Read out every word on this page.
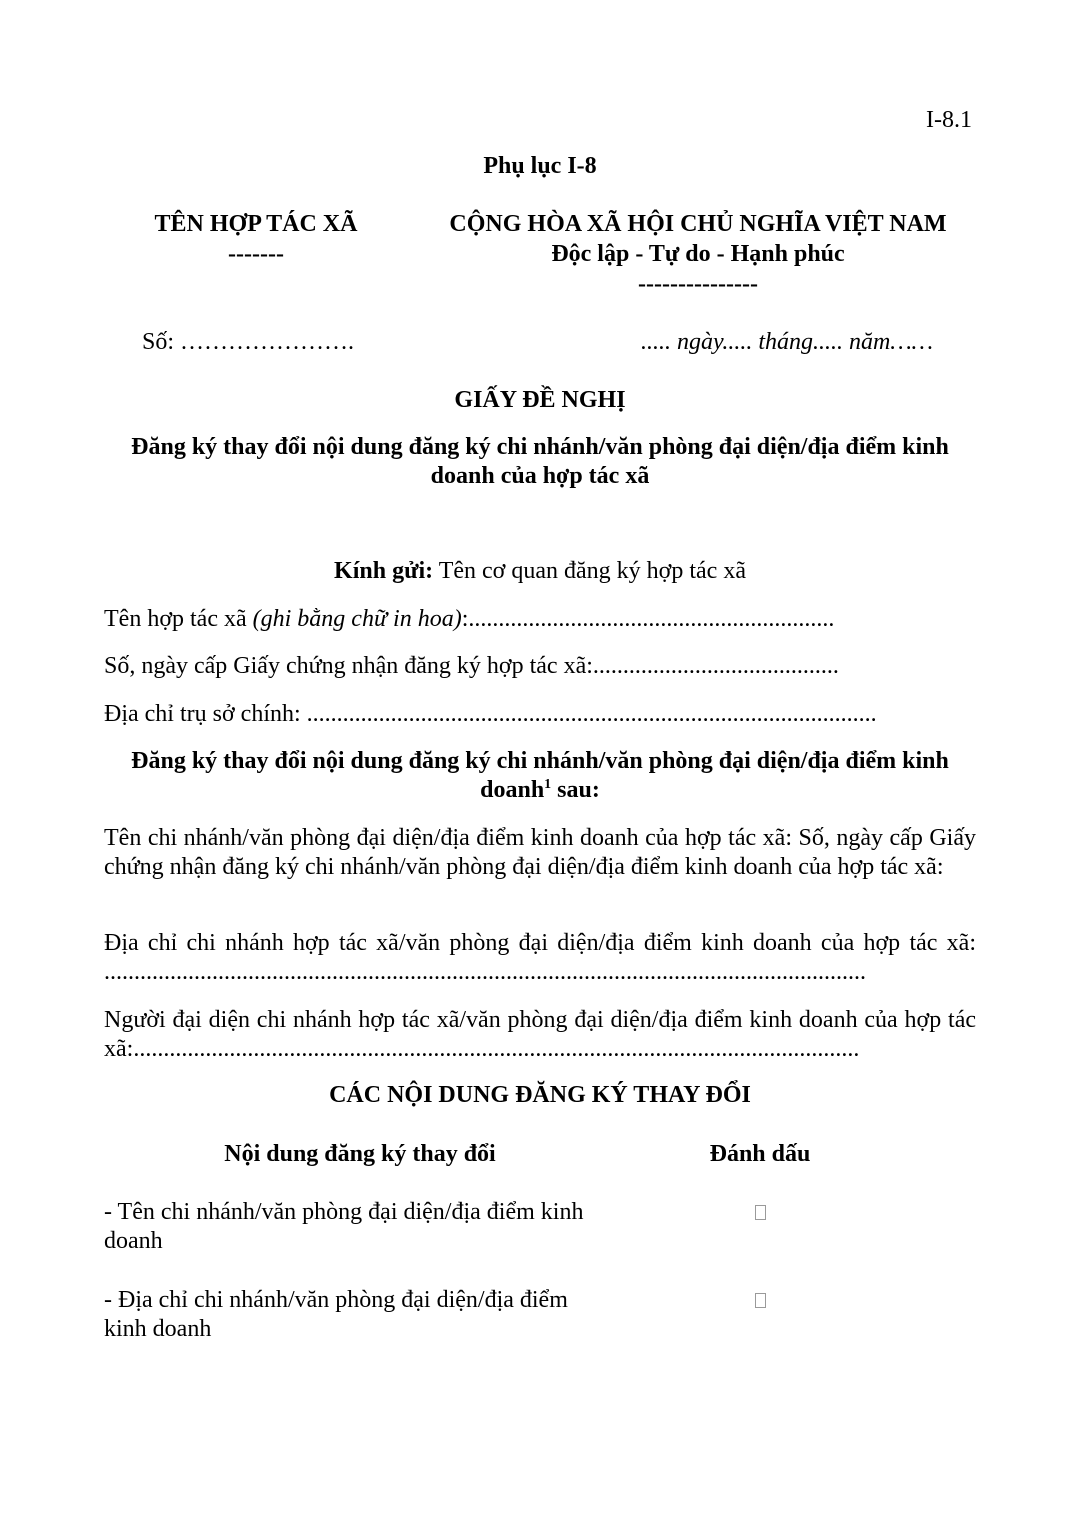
I-8.1
Phụ lục I-8
TÊN HỢP TÁC XÃ
-------
CỘNG HÒA XÃ HỘI CHỦ NGHĨA VIỆT NAM
Độc lập - Tự do - Hạnh phúc
---------------
Số: ………………….	..... ngày..... tháng..... năm……
GIẤY ĐỀ NGHỊ
Đăng ký thay đổi nội dung đăng ký chi nhánh/văn phòng đại diện/địa điểm kinh
doanh của hợp tác xã
Kính gửi: Tên cơ quan đăng ký hợp tác xã
Tên hợp tác xã (ghi bằng chữ in hoa):.............................................................
Số, ngày cấp Giấy chứng nhận đăng ký hợp tác xã:.........................................
Địa chỉ trụ sở chính: ...............................................................................................
Đăng ký thay đổi nội dung đăng ký chi nhánh/văn phòng đại diện/địa điểm kinh
doanh$^1$ sau:
Tên chi nhánh/văn phòng đại diện/địa điểm kinh doanh của hợp tác xã: Số, ngày cấp Giấy chứng nhận đăng ký chi nhánh/văn phòng đại diện/địa điểm kinh doanh của hợp tác xã:
Địa chỉ chi nhánh hợp tác xã/văn phòng đại diện/địa điểm kinh doanh của hợp tác xã: ...............................................................................................................................
Người đại diện chi nhánh hợp tác xã/văn phòng đại diện/địa điểm kinh doanh của hợp tác xã:.........................................................................................................................
CÁC NỘI DUNG ĐĂNG KÝ THAY ĐỔI
Nội dung đăng ký thay đổi	Đánh dấu
- Tên chi nhánh/văn phòng đại diện/địa điểm kinh
doanh
- Địa chỉ chi nhánh/văn phòng đại diện/địa điểm
kinh doanh
